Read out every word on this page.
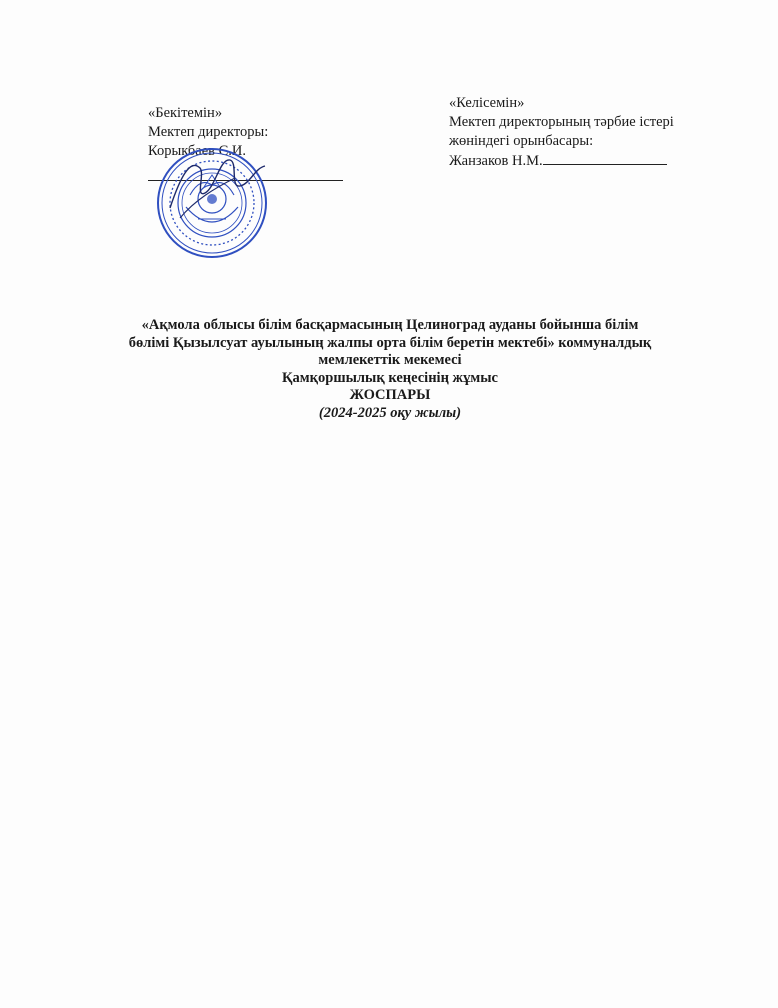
«Бекітемін»
Мектеп директоры:
Корыкбаев С.И.
«Келісемін»
Мектеп директорының тәрбие істері
жөніндегі орынбасары:
Жанзаков Н.М.
«Ақмола облысы білім басқармасының Целиноград ауданы бойынша білім
бөлімі Қызылсуат ауылының жалпы орта білім беретін мектебі» коммуналдық
мемлекеттік мекемесі
Қамқоршылық кеңесінің жұмыс
ЖОСПАРЫ
(2024-2025 оқу жылы)
